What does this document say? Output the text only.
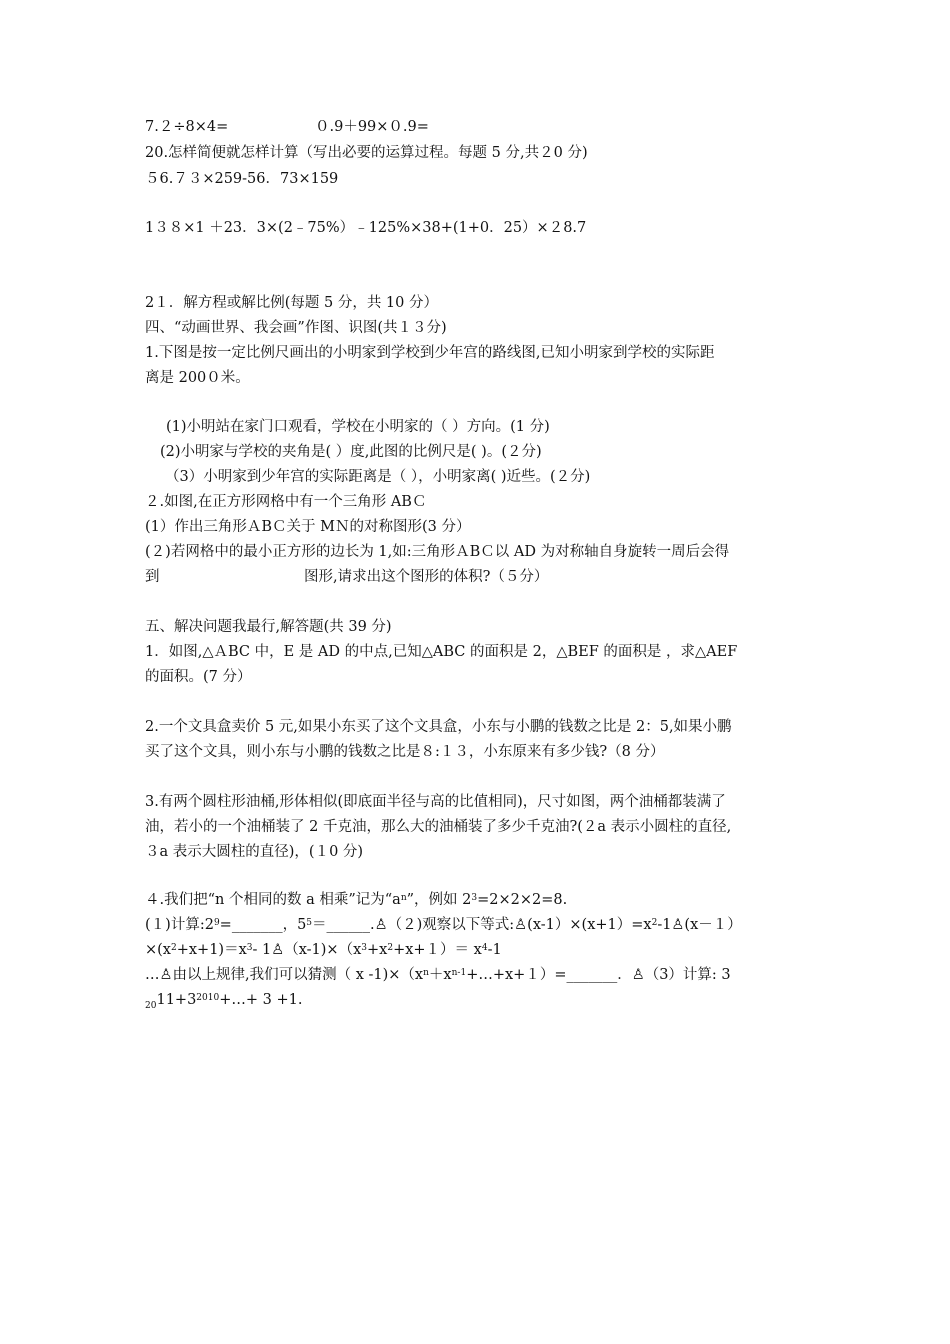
7.２÷8×4=	０.9＋99×０.9=
20.怎样简便就怎样计算（写出必要的运算过程。每题 5 分,共２0 分)
５6.７３×259-56．73×159
1３８×1 ＋23．3×(2﹣75%）﹣125%×38+(1+0．25）×２8.7
2１．解方程或解比例(每题 5 分，共 10 分）
四、“动画世界、我会画”作图、识图(共１３分)
1.下图是按一定比例尺画出的小明家到学校到少年宫的路线图,已知小明家到学校的实际距
离是 200０米。
(1)小明站在家门口观看，学校在小明家的（ ）方向。(1 分)
(2)小明家与学校的夹角是( ）度,此图的比例尺是( )。(２分)
（3）小明家到少年宫的实际距离是（ ），小明家离( )近些。(２分)
２.如图,在正方形网格中有一个三角形 ABＣ
(1）作出三角形ＡBＣ关于 MＮ的对称图形(3 分）
(２)若网格中的最小正方形的边长为 1,如:三角形ＡBＣ以 AD 为对称轴自身旋转一周后会得
到	图形,请求出这个图形的体积?（５分）
五、解决问题我最行,解答题(共 39 分)
1．如图,△ＡBC 中，E 是 AD 的中点,已知△ABC 的面积是 2，△BEF 的面积是 ，求△AEF
的面积。(7 分）
2.一个文具盒卖价 5 元,如果小东买了这个文具盒，小东与小鹏的钱数之比是 2：5,如果小鹏
买了这个文具，则小东与小鹏的钱数之比是８:１３，小东原来有多少钱?（8 分）
3.有两个圆柱形油桶,形体相似(即底面半径与高的比值相同)，尺寸如图，两个油桶都装满了
油，若小的一个油桶装了 2 千克油，那么大的油桶装了多少千克油?(２a 表示小圆柱的直径,
３a 表示大圆柱的直径)，(１0 分)
４.我们把“n 个相同的数 a 相乘”记为“$a^n$”，例如 $2^3=2\times 2\times 2=8$.
(１)计算$:2^9=\_\_\_\_\_\_\_$，$5^5=\_\_\_\_\_\_.♙(2)$观察以下等式$:♙(x-1)\times(x+1)=x^2-1♙(x-1)$
$\times(x^2+x+1)=x^3-$ $1♙(x-1)\times(x^3+x^2+x+1)= x^4-1$
…♙由以上规律,我们可以猜测（ x $-1)\times(x^n+x^{n-1}+\dots+x+1)=\_\_\_\_\_\_\_$．♙（3）计算: 3
$_{20}11+3^{2010}+\dots+ 3 +1$.
